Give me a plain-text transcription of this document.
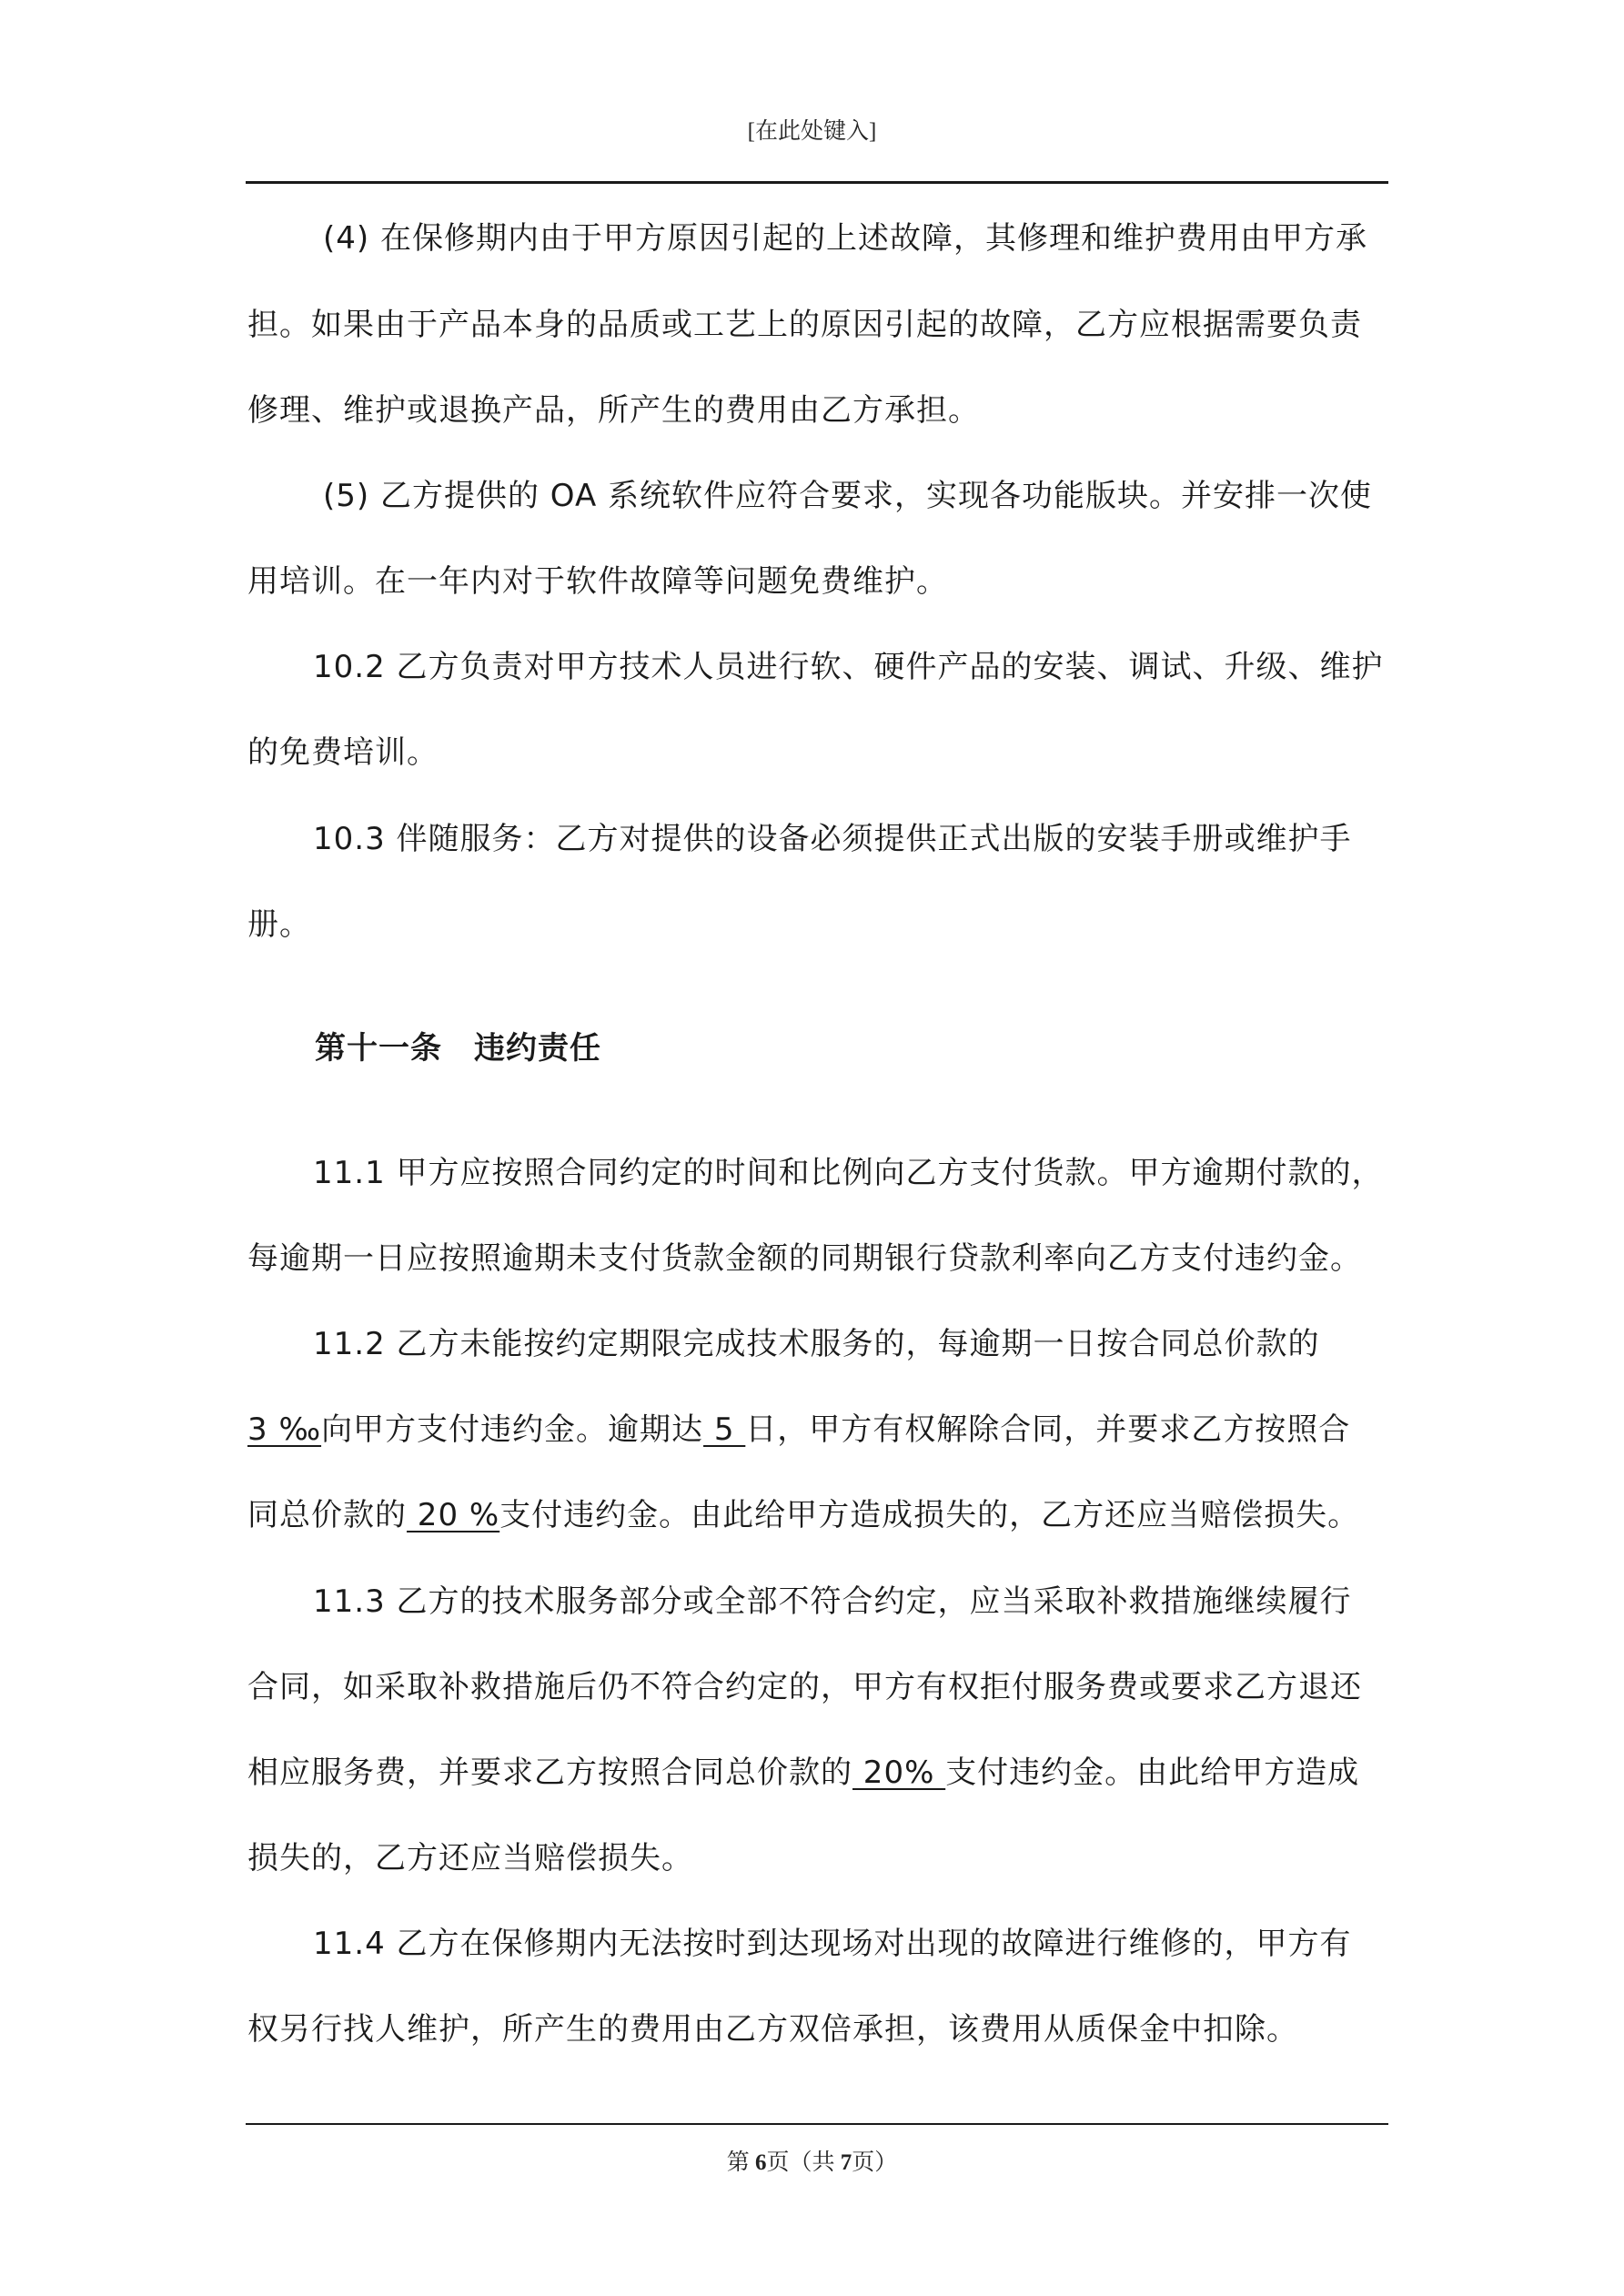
[在此处键入]
(4) 在保修期内由于甲方原因引起的上述故障，其修理和维护费用由甲方承
担。如果由于产品本身的品质或工艺上的原因引起的故障，乙方应根据需要负责
修理、维护或退换产品，所产生的费用由乙方承担。
(5) 乙方提供的 OA 系统软件应符合要求，实现各功能版块。并安排一次使
用培训。在一年内对于软件故障等问题免费维护。
10.2 乙方负责对甲方技术人员进行软、硬件产品的安装、调试、升级、维护
的免费培训。
10.3 伴随服务：乙方对提供的设备必须提供正式出版的安装手册或维护手
册。
第十一条　违约责任
11.1 甲方应按照合同约定的时间和比例向乙方支付货款。甲方逾期付款的，
每逾期一日应按照逾期未支付货款金额的同期银行贷款利率向乙方支付违约金。
11.2 乙方未能按约定期限完成技术服务的，每逾期一日按合同总价款的
3 ‰向甲方支付违约金。逾期达 5 日，甲方有权解除合同，并要求乙方按照合
同总价款的 20 %支付违约金。由此给甲方造成损失的，乙方还应当赔偿损失。
11.3 乙方的技术服务部分或全部不符合约定，应当采取补救措施继续履行
合同，如采取补救措施后仍不符合约定的，甲方有权拒付服务费或要求乙方退还
相应服务费，并要求乙方按照合同总价款的 20% 支付违约金。由此给甲方造成
损失的，乙方还应当赔偿损失。
11.4 乙方在保修期内无法按时到达现场对出现的故障进行维修的，甲方有
权另行找人维护，所产生的费用由乙方双倍承担，该费用从质保金中扣除。
第 6页（共 7页）
